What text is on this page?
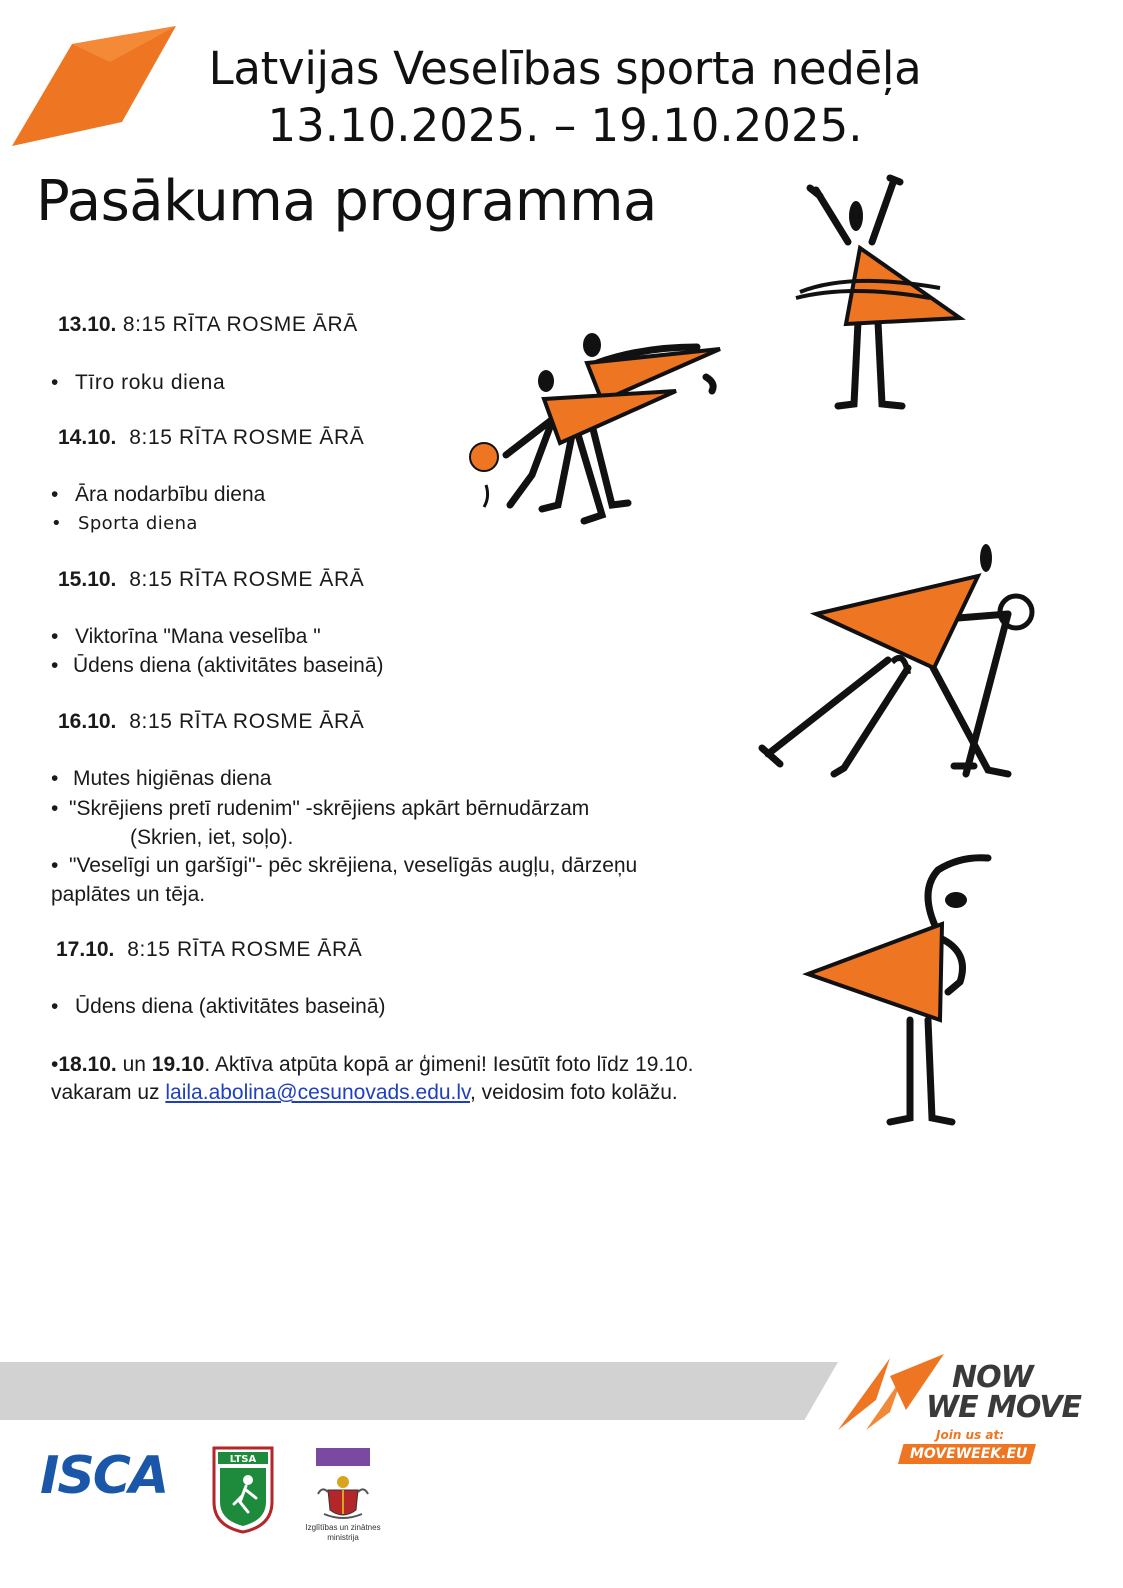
Latvijas Veselības sporta nedēļa
13.10.2025. – 19.10.2025.
Pasākuma programma
13.10. 8:15 RĪTA ROSME ĀRĀ
• Tīro roku diena
14.10. 8:15 RĪTA ROSME ĀRĀ
• Āra nodarbību diena
• Sporta diena
15.10. 8:15 RĪTA ROSME ĀRĀ
• Viktorīna "Mana veselība "
• Ūdens diena (aktivitātes baseinā)
16.10. 8:15 RĪTA ROSME ĀRĀ
• Mutes higiēnas diena
• "Skrējiens pretī rudenim" -skrējiens apkārt bērnudārzam
(Skrien, iet, soļo).
• "Veselīgi un garšīgi"- pēc skrējiena, veselīgās augļu, dārzeņu
paplātes un tēja.
17.10. 8:15 RĪTA ROSME ĀRĀ
• Ūdens diena (aktivitātes baseinā)
•18.10. un 19.10. Aktīva atpūta kopā ar ģimeni! Iesūtīt foto līdz 19.10. vakaram uz laila.abolina@cesunovads.edu.lv, veidosim foto kolāžu.
NOW
WE MOVE
Join us at:
MOVEWEEK.EU
ISCA	LTSA
Izglītības un zinātnes ministrija
